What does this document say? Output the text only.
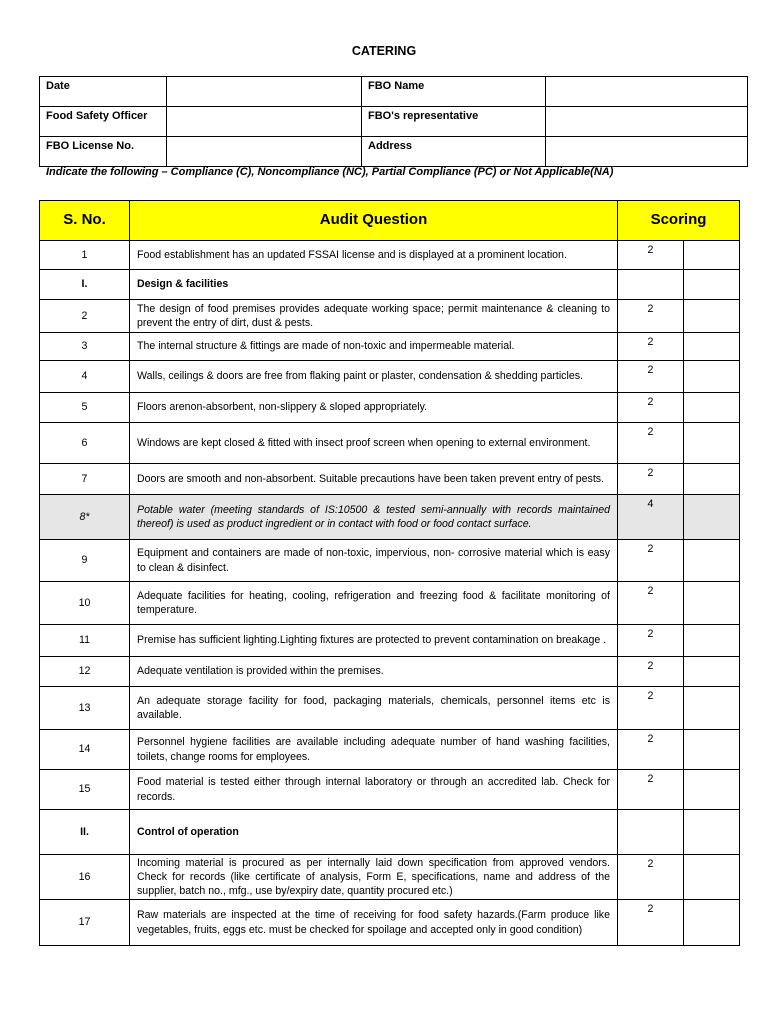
CATERING
Date		FBO Name	
Food Safety Officer		FBO's representative	
FBO License No.		Address	
Indicate the following – Compliance (C), Noncompliance (NC), Partial Compliance (PC) or Not Applicable(NA)
S. No.	Audit Question	Scoring	
1	Food establishment has an updated FSSAI license and is displayed at a prominent location.	2	
I.	Design & facilities		
2	The design of food premises provides adequate working space; permit maintenance & cleaning to prevent the entry of dirt, dust & pests.	2	
3	The internal structure & fittings are made of non-toxic and impermeable material.	2	
4	Walls, ceilings & doors are free from flaking paint or plaster, condensation & shedding particles.	2	
5	Floors arenon-absorbent, non-slippery & sloped appropriately.	2	
6	Windows are kept closed & fitted with insect proof screen when opening to external environment.	2	
7	Doors are smooth and non-absorbent. Suitable precautions have been taken prevent entry of pests.	2	
8*	Potable water (meeting standards of IS:10500 & tested semi-annually with records maintained thereof) is used as product ingredient or in contact with food or food contact surface.	4	
9	Equipment and containers are made of non-toxic, impervious, non- corrosive material which is easy to clean & disinfect.	2	
10	Adequate facilities for heating, cooling, refrigeration and freezing food & facilitate monitoring of temperature.	2	
11	Premise has sufficient lighting.Lighting fixtures are protected to prevent contamination on breakage .	2	
12	Adequate ventilation is provided within the premises.	2	
13	An adequate storage facility for food, packaging materials, chemicals, personnel items etc is available.	2	
14	Personnel hygiene facilities are available including adequate number of hand washing facilities, toilets, change rooms for employees.	2	
15	Food material is tested either through internal laboratory or through an accredited lab. Check for records.	2	
II.	Control of operation		
16	Incoming material is procured as per internally laid down specification from approved vendors. Check for records (like certificate of analysis, Form E, specifications, name and address of the supplier, batch no., mfg., use by/expiry date, quantity procured etc.)	2	
17	Raw materials are inspected at the time of receiving for food safety hazards.(Farm produce like vegetables, fruits, eggs etc. must be checked for spoilage and accepted only in good condition)	2	
